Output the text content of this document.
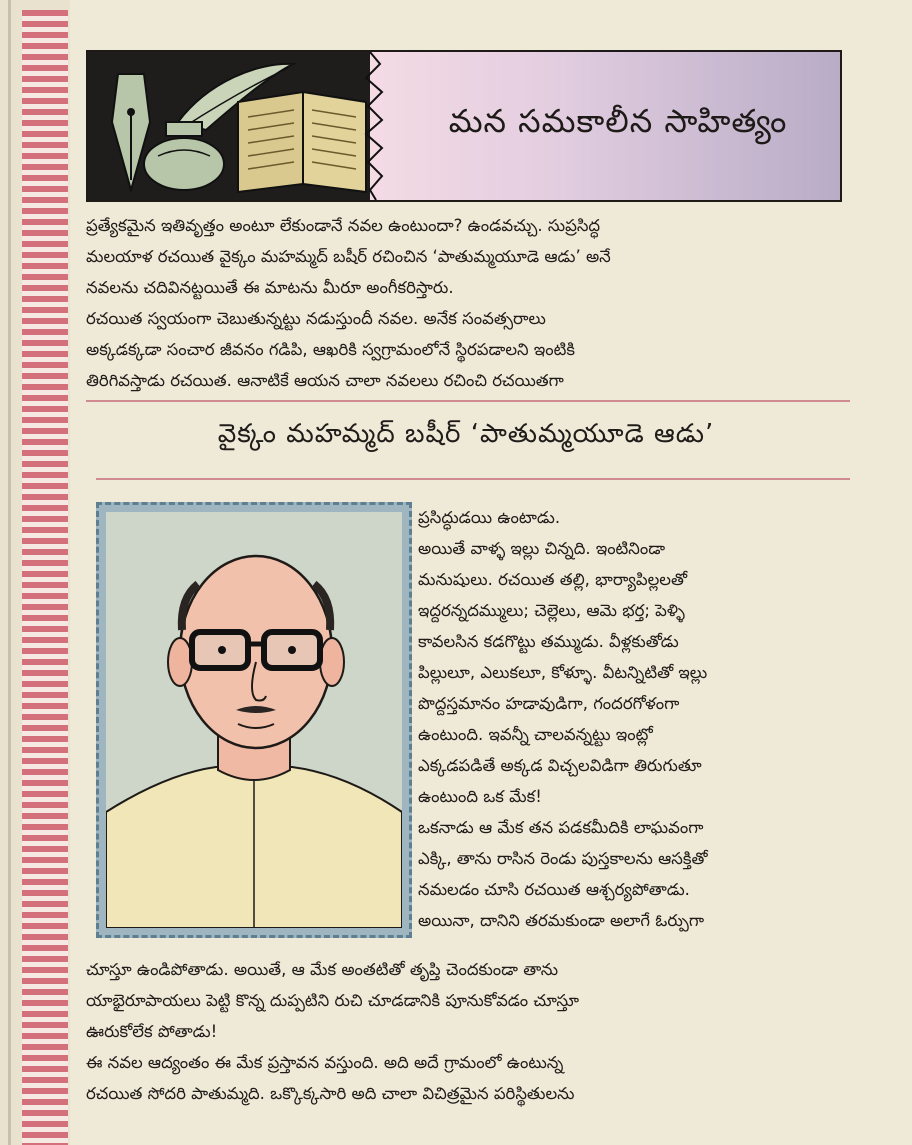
మన సమకాలీన సాహిత్యం
ప్రత్యేకమైన ఇతివృత్తం అంటూ లేకుండానే నవల ఉంటుందా? ఉండవచ్చు. సుప్రసిద్ధ
మలయాళ రచయిత వైక్కం మహమ్మద్ బషీర్ రచించిన ‘పాతుమ్మయూడె ఆడు’ అనే
నవలను చదివినట్టయితే ఈ మాటను మీరూ అంగీకరిస్తారు.
రచయిత స్వయంగా చెబుతున్నట్టు నడుస్తుందీ నవల. అనేక సంవత్సరాలు
అక్కడక్కడా సంచార జీవనం గడిపి, ఆఖరికి స్వగ్రామంలోనే స్థిరపడాలని ఇంటికి
తిరిగివస్తాడు రచయిత. ఆనాటికే ఆయన చాలా నవలలు రచించి రచయితగా
వైక్కం మహమ్మద్ బషీర్ ‘పాతుమ్మయూడె ఆడు’
ప్రసిద్ధుడయి ఉంటాడు.
అయితే వాళ్ళ ఇల్లు చిన్నది. ఇంటినిండా
మనుషులు. రచయిత తల్లి, భార్యాపిల్లలతో
ఇద్దరన్నదమ్ములు; చెల్లెలు, ఆమె భర్త; పెళ్ళి
కావలసిన కడగొట్టు తమ్ముడు. వీళ్లకుతోడు
పిల్లులూ, ఎలుకలూ, కోళ్ళూ. వీటన్నిటితో ఇల్లు
పొద్దస్తమానం హడావుడిగా, గందరగోళంగా
ఉంటుంది. ఇవన్నీ చాలవన్నట్టు ఇంట్లో
ఎక్కడపడితే అక్కడ విచ్చలవిడిగా తిరుగుతూ
ఉంటుంది ఒక మేక!
ఒకనాడు ఆ మేక తన పడకమీదికి లాఘవంగా
ఎక్కి, తాను రాసిన రెండు పుస్తకాలను ఆసక్తితో
నమలడం చూసి రచయిత ఆశ్చర్యపోతాడు.
అయినా, దానిని తరమకుండా అలాగే ఓర్పుగా
చూస్తూ ఉండిపోతాడు. అయితే, ఆ మేక అంతటితో తృప్తి చెందకుండా తాను
యాభైరూపాయలు పెట్టి కొన్న దుప్పటిని రుచి చూడడానికి పూనుకోవడం చూస్తూ
ఊరుకోలేక పోతాడు!
ఈ నవల ఆద్యంతం ఈ మేక ప్రస్తావన వస్తుంది. అది అదే గ్రామంలో ఉంటున్న
రచయిత సోదరి పాతుమ్మది. ఒక్కొక్కసారి అది చాలా విచిత్రమైన పరిస్థితులను
